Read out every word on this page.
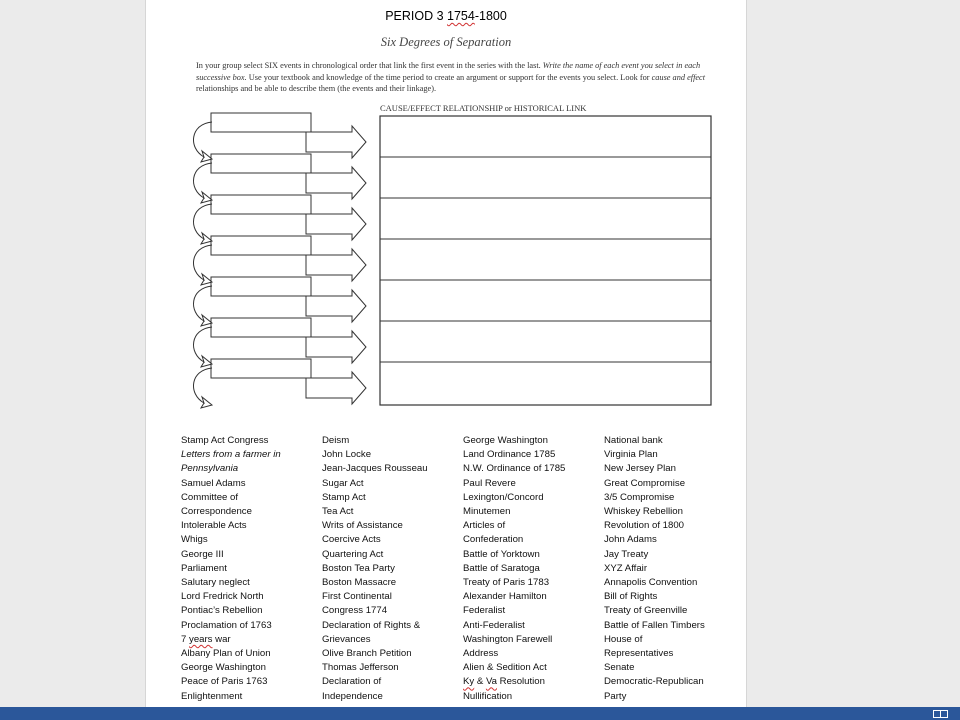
PERIOD 3 1754-1800
Six Degrees of Separation
In your group select SIX events in chronological order that link the first event in the series with the last. Write the name of each event you select in each successive box. Use your textbook and knowledge of the time period to create an argument or support for the events you select. Look for cause and effect relationships and be able to describe them (the events and their linkage).
CAUSE/EFFECT RELATIONSHIP or HISTORICAL LINK
Stamp Act Congress
Letters from a farmer in
Pennsylvania
Samuel Adams
Committee of
Correspondence
Intolerable Acts
Whigs
George III
Parliament
Salutary neglect
Lord Fredrick North
Pontiac’s Rebellion
Proclamation of 1763
7 years war
Albany Plan of Union
George Washington
Peace of Paris 1763
Enlightenment
Deism
John Locke
Jean-Jacques Rousseau
Sugar Act
Stamp Act
Tea Act
Writs of Assistance
Coercive Acts
Quartering Act
Boston Tea Party
Boston Massacre
First Continental
Congress 1774
Declaration of Rights &
Grievances
Olive Branch Petition
Thomas Jefferson
Declaration of
Independence
George Washington
Land Ordinance 1785
N.W. Ordinance of 1785
Paul Revere
Lexington/Concord
Minutemen
Articles of
Confederation
Battle of Yorktown
Battle of Saratoga
Treaty of Paris 1783
Alexander Hamilton
Federalist
Anti-Federalist
Washington Farewell
Address
Alien & Sedition Act
Ky & Va Resolution
Nullification
National bank
Virginia Plan
New Jersey Plan
Great Compromise
3/5 Compromise
Whiskey Rebellion
Revolution of 1800
John Adams
Jay Treaty
XYZ Affair
Annapolis Convention
Bill of Rights
Treaty of Greenville
Battle of Fallen Timbers
House of
Representatives
Senate
Democratic-Republican
Party
